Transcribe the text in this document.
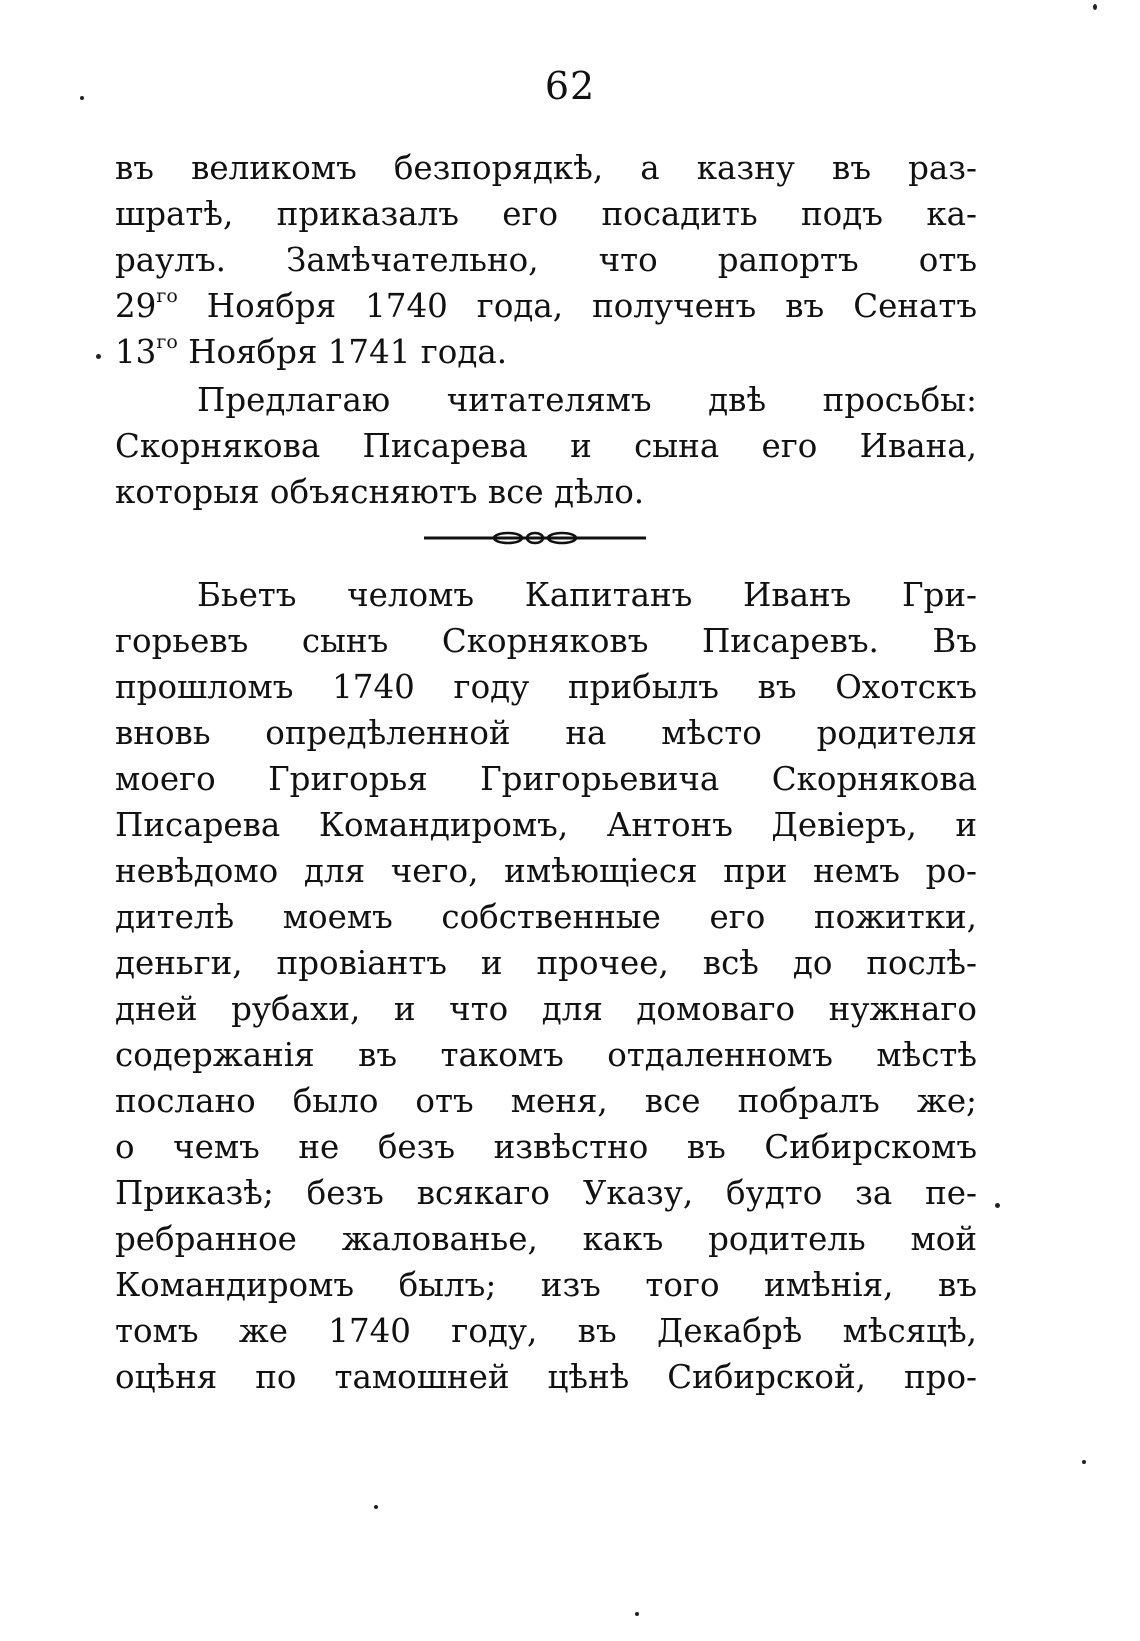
62
въ великомъ безпорядкѣ, а казну въ раз-
шратѣ, приказалъ его посадить подъ ка-
раулъ. Замѣчательно, что рапортъ отъ
$29^{го}$ Ноября 1740 года, полученъ въ Сенатъ
$13^{го}$ Ноября 1741 года.
Предлагаю читателямъ двѣ просьбы:
Скорнякова Писарева и сына его Ивана,
которыя объясняютъ все дѣло.
Бьетъ челомъ Капитанъ Иванъ Гри-
горьевъ сынъ Скорняковъ Писаревъ. Въ
прошломъ 1740 году прибылъ въ Охотскъ
вновь опредѣленной на мѣсто родителя
моего Григорья Григорьевича Скорнякова
Писарева Командиромъ, Антонъ Девіеръ, и
невѣдомо для чего, имѣющіеся при немъ ро-
дителѣ моемъ собственные его пожитки,
деньги, провіантъ и прочее, всѣ до послѣ-
дней рубахи, и что для домоваго нужнаго
содержанія въ такомъ отдаленномъ мѣстѣ
послано было отъ меня, все побралъ же;
о чемъ не безъ извѣстно въ Сибирскомъ
Приказѣ; безъ всякаго Указу, будто за пе-
ребранное жалованье, какъ родитель мой
Командиромъ былъ; изъ того имѣнія, въ
томъ же 1740 году, въ Декабрѣ мѣсяцѣ,
оцѣня по тамошней цѣнѣ Сибирской, про-
